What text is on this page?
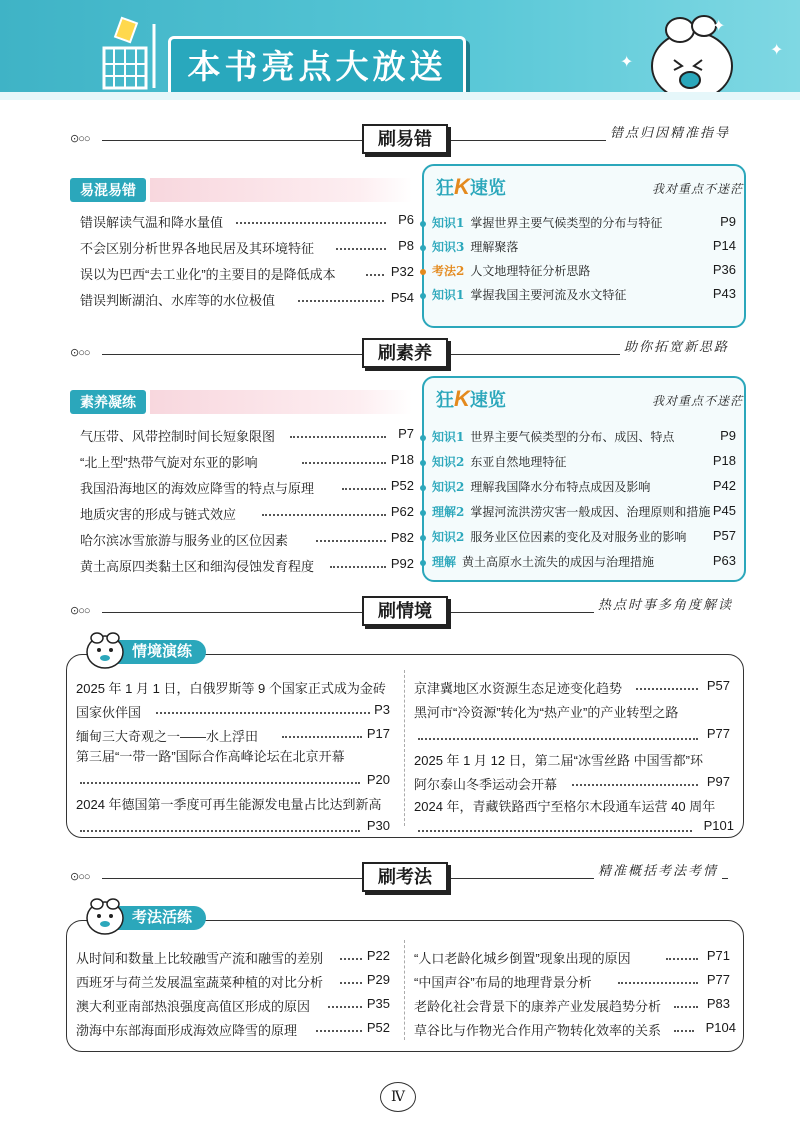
本书亮点大放送
✦
✦
✦
⊙○○	刷易错	错点归因精准指导
易混易错
错误解读气温和降水量值	P6
不会区别分析世界各地民居及其环境特征	P8
误以为巴西“去工业化”的主要目的是降低成本	P32
错误判断湖泊、水库等的水位极值	P54
狂K速览	我对重点不迷茫
知识1 掌握世界主要气候类型的分布与特征	P9
知识3 理解聚落	P14
考法2 人文地理特征分析思路	P36
知识1 掌握我国主要河流及水文特征	P43
⊙○○	刷素养	助你拓宽新思路
素养凝练
气压带、风带控制时间长短象限图	P7
“北上型”热带气旋对东亚的影响	P18
我国沿海地区的海效应降雪的特点与原理	P52
地质灾害的形成与链式效应	P62
哈尔滨冰雪旅游与服务业的区位因素	P82
黄土高原四类黏土区和细沟侵蚀发育程度	P92
狂K速览	我对重点不迷茫
知识1 世界主要气候类型的分布、成因、特点	P9
知识2 东亚自然地理特征	P18
知识2 理解我国降水分布特点成因及影响	P42
理解2 掌握河流洪涝灾害一般成因、治理原则和措施 P45
知识2 服务业区位因素的变化及对服务业的影响	P57
理解 黄土高原水土流失的成因与治理措施	P63
⊙○○	刷情境	热点时事多角度解读
情境演练
2025 年 1 月 1 日，白俄罗斯等 9 个国家正式成为金砖
国家伙伴国	P3
缅甸三大奇观之一——水上浮田	P17
第三届“一带一路”国际合作高峰论坛在北京开幕
P20
2024 年德国第一季度可再生能源发电量占比达到新高
P30
京津冀地区水资源生态足迹变化趋势	P57
黑河市“冷资源”转化为“热产业”的产业转型之路
P77
2025 年 1 月 12 日，第二届“冰雪丝路 中国雪都”环
阿尔泰山冬季运动会开幕	P97
2024 年，青藏铁路西宁至格尔木段通车运营 40 周年
P101
⊙○○	刷考法	精准概括考法考情
考法活练
从时间和数量上比较融雪产流和融雪的差别	P22
西班牙与荷兰发展温室蔬菜种植的对比分析	P29
澳大利亚南部热浪强度高值区形成的原因	P35
渤海中东部海面形成海效应降雪的原理	P52
“人口老龄化城乡倒置”现象出现的原因	P71
“中国声谷”布局的地理背景分析	P77
老龄化社会背景下的康养产业发展趋势分析	P83
草谷比与作物光合作用产物转化效率的关系	P104
Ⅳ
